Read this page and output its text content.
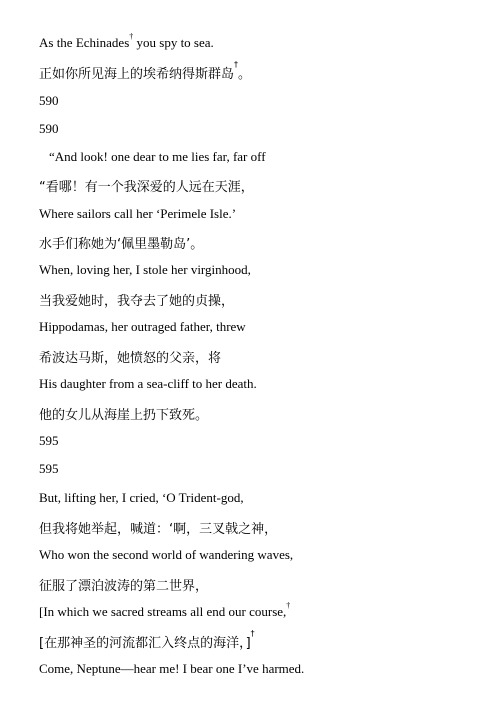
As the Echinades† you spy to sea.
正如你所见海上的埃希纳得斯群岛†。
590
590
“And look! one dear to me lies far, far off
“看哪！有一个我深爱的人远在天涯，
Where sailors call her ‘Perimele Isle.’
水手们称她为‘佩里墨勒岛’。
When, loving her, I stole her virginhood,
当我爱她时，我夺去了她的贞操，
Hippodamas, her outraged father, threw
希波达马斯，她愤怒的父亲，将
His daughter from a sea-cliff to her death.
他的女儿从海崖上扔下致死。
595
595
But, lifting her, I cried, ‘O Trident-god,
但我将她举起，喊道：‘啊，三叉戟之神，
Who won the second world of wandering waves,
征服了漂泊波涛的第二世界，
[In which we sacred streams all end our course,†
[在那神圣的河流都汇入终点的海洋，]†
Come, Neptune—hear me! I bear one I’ve harmed.
